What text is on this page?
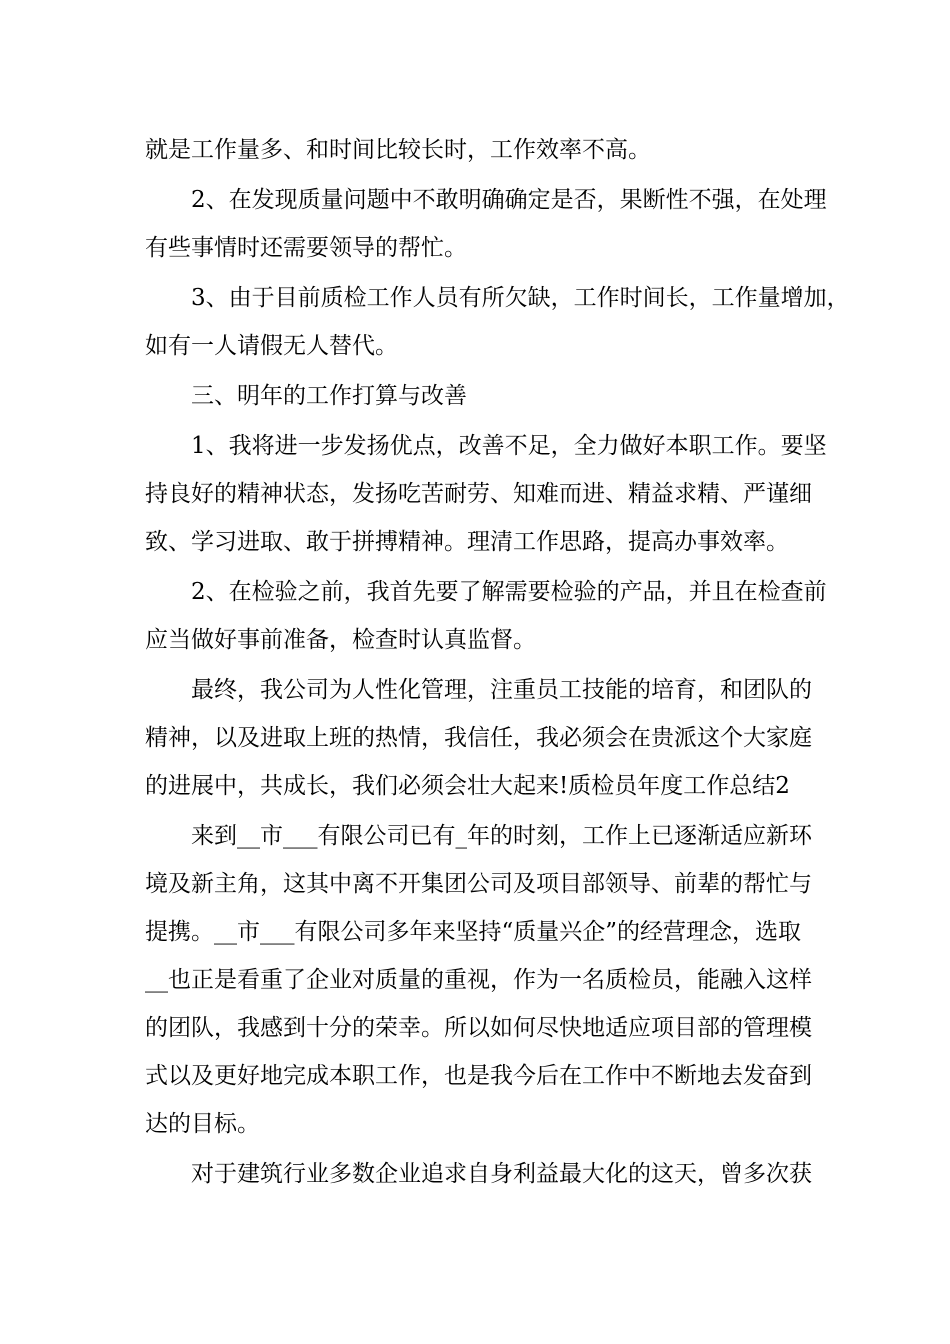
就是工作量多、和时间比较长时，工作效率不高。
2、在发现质量问题中不敢明确确定是否，果断性不强，在处理
有些事情时还需要领导的帮忙。
3、由于目前质检工作人员有所欠缺，工作时间长，工作量增加，
如有一人请假无人替代。
三、明年的工作打算与改善
1、我将进一步发扬优点，改善不足，全力做好本职工作。要坚
持良好的精神状态，发扬吃苦耐劳、知难而进、精益求精、严谨细
致、学习进取、敢于拼搏精神。理清工作思路，提高办事效率。
2、在检验之前，我首先要了解需要检验的产品，并且在检查前
应当做好事前准备，检查时认真监督。
最终，我公司为人性化管理，注重员工技能的培育，和团队的
精神，以及进取上班的热情，我信任，我必须会在贵派这个大家庭
的进展中，共成长，我们必须会壮大起来!质检员年度工作总结2
来到__市___有限公司已有_年的时刻，工作上已逐渐适应新环
境及新主角，这其中离不开集团公司及项目部领导、前辈的帮忙与
提携。__市___有限公司多年来坚持“质量兴企”的经营理念，选取
__也正是看重了企业对质量的重视，作为一名质检员，能融入这样
的团队，我感到十分的荣幸。所以如何尽快地适应项目部的管理模
式以及更好地完成本职工作，也是我今后在工作中不断地去发奋到
达的目标。
对于建筑行业多数企业追求自身利益最大化的这天，曾多次获
